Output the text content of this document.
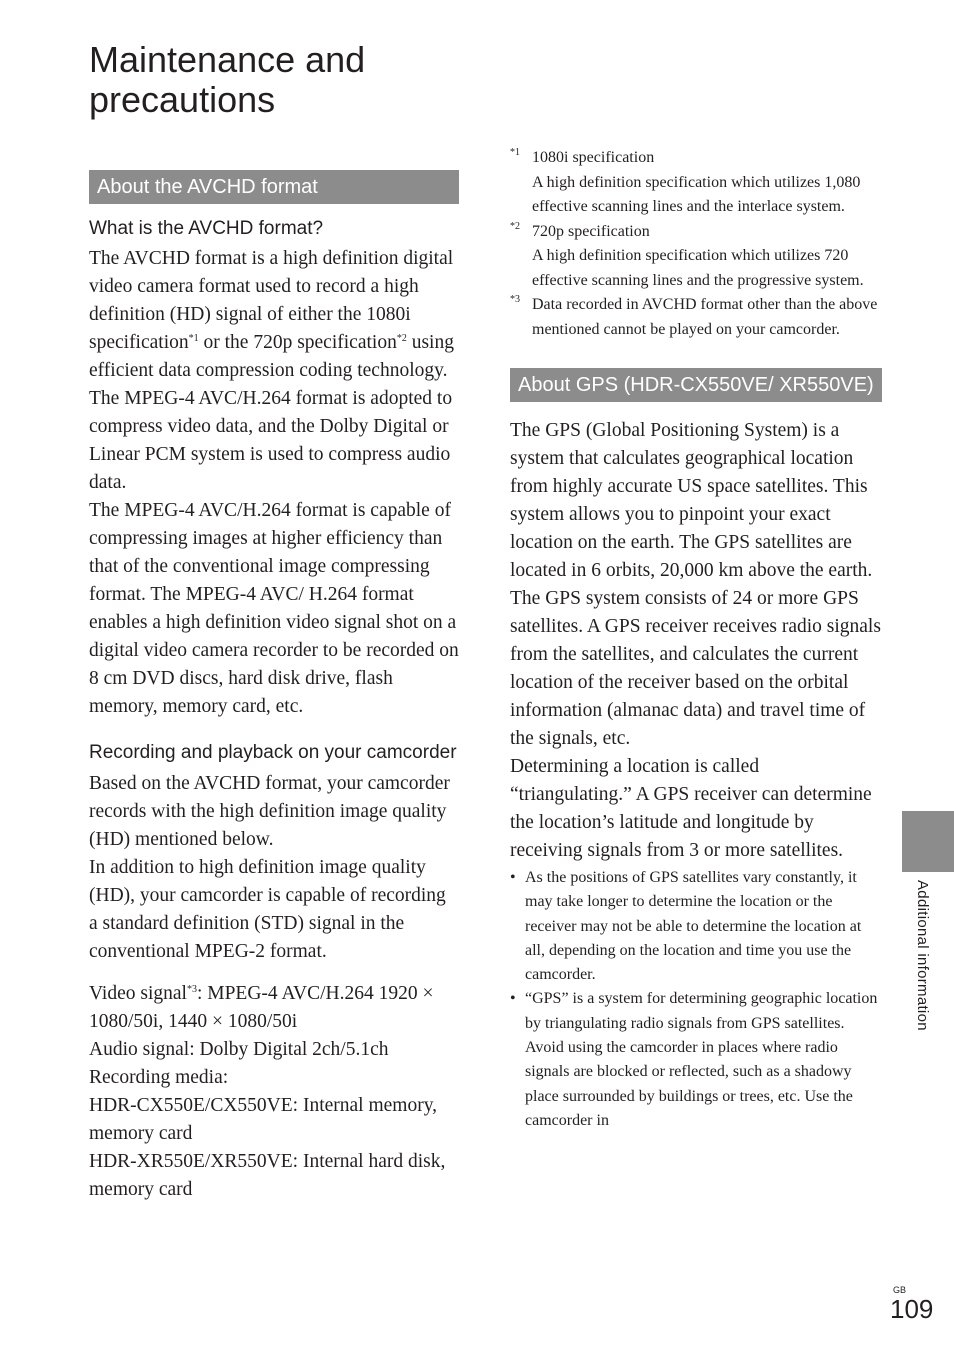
Maintenance and precautions
About the AVCHD format
What is the AVCHD format?

The AVCHD format is a high definition digital video camera format used to record a high definition (HD) signal of either the 1080i specification$^{*1}$ or the 720p specification$^{*2}$ using efficient data compression coding technology. The MPEG-4 AVC/H.264 format is adopted to compress video data, and the Dolby Digital or Linear PCM system is used to compress audio data.

The MPEG-4 AVC/H.264 format is capable of compressing images at higher efficiency than that of the conventional image compressing format. The MPEG-4 AVC/ H.264 format enables a high definition video signal shot on a digital video camera recorder to be recorded on 8 cm DVD discs, hard disk drive, flash memory, memory card, etc.

Recording and playback on your camcorder

Based on the AVCHD format, your camcorder records with the high definition image quality (HD) mentioned below.

In addition to high definition image quality (HD), your camcorder is capable of recording a standard definition (STD) signal in the conventional MPEG-2 format.

Video signal$^{*3}$: MPEG-4 AVC/H.264 1920 × 1080/50i, 1440 × 1080/50i

Audio signal: Dolby Digital 2ch/5.1ch

Recording media:

HDR-CX550E/CX550VE: Internal memory, memory card

HDR-XR550E/XR550VE: Internal hard disk, memory card

*1 1080i specification
A high definition specification which utilizes 1,080 effective scanning lines and the interlace system.
*2 720p specification
A high definition specification which utilizes 720 effective scanning lines and the progressive system.
*3 Data recorded in AVCHD format other than the above mentioned cannot be played on your camcorder.
About GPS (HDR-CX550VE/ XR550VE)

The GPS (Global Positioning System) is a system that calculates geographical location from highly accurate US space satellites. This system allows you to pinpoint your exact location on the earth. The GPS satellites are located in 6 orbits, 20,000 km above the earth. The GPS system consists of 24 or more GPS satellites. A GPS receiver receives radio signals from the satellites, and calculates the current location of the receiver based on the orbital information (almanac data) and travel time of the signals, etc.

Determining a location is called “triangulating.” A GPS receiver can determine the location’s latitude and longitude by receiving signals from 3 or more satellites.

• As the positions of GPS satellites vary constantly, it may take longer to determine the location or the receiver may not be able to determine the location at all, depending on the location and time you use the camcorder.
• “GPS” is a system for determining geographic location by triangulating radio signals from GPS satellites. Avoid using the camcorder in places where radio signals are blocked or reflected, such as a shadowy place surrounded by buildings or trees, etc. Use the camcorder in
Additional information
GB
109
